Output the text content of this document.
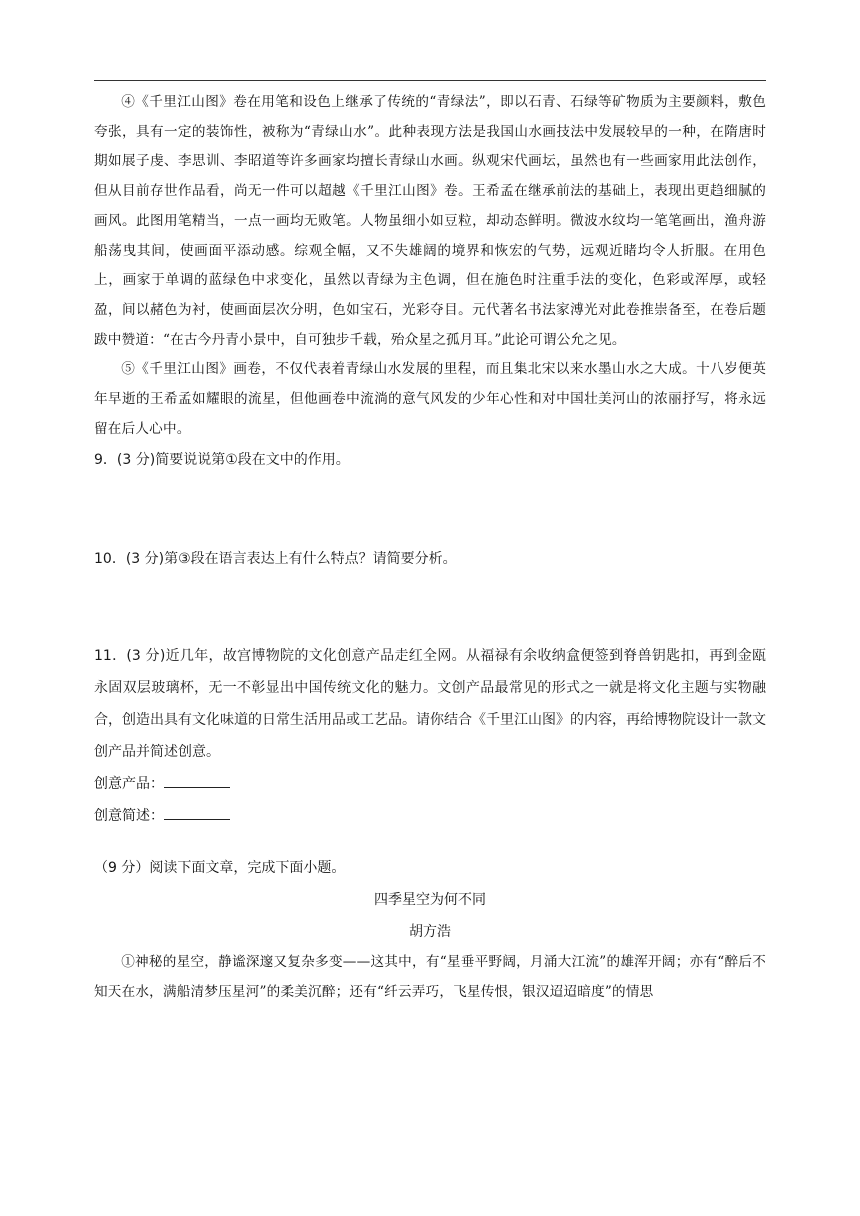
④《千里江山图》卷在用笔和设色上继承了传统的“青绿法”，即以石青、石绿等矿物质为主要颜料，敷色夸张，具有一定的装饰性，被称为“青绿山水”。此种表现方法是我国山水画技法中发展较早的一种，在隋唐时期如展子虔、李思训、李昭道等许多画家均擅长青绿山水画。纵观宋代画坛，虽然也有一些画家用此法创作，但从目前存世作品看，尚无一件可以超越《千里江山图》卷。王希孟在继承前法的基础上，表现出更趋细腻的画风。此图用笔精当，一点一画均无败笔。人物虽细小如豆粒，却动态鲜明。微波水纹均一笔笔画出，渔舟游船荡曳其间，使画面平添动感。综观全幅，又不失雄阔的境界和恢宏的气势，远观近睹均令人折服。在用色上，画家于单调的蓝绿色中求变化，虽然以青绿为主色调，但在施色时注重手法的变化，色彩或浑厚，或轻盈，间以赭色为衬，使画面层次分明，色如宝石，光彩夺目。元代著名书法家溥光对此卷推崇备至，在卷后题跋中赞道：“在古今丹青小景中，自可独步千载，殆众星之孤月耳。”此论可谓公允之见。

⑤《千里江山图》画卷，不仅代表着青绿山水发展的里程，而且集北宋以来水墨山水之大成。十八岁便英年早逝的王希孟如耀眼的流星，但他画卷中流淌的意气风发的少年心性和对中国壮美河山的浓丽抒写，将永远留在后人心中。

9．(3 分)简要说说第①段在文中的作用。

10．(3 分)第③段在语言表达上有什么特点？请简要分析。

11．(3 分)近几年，故宫博物院的文化创意产品走红全网。从福禄有余收纳盒便签到脊兽钥匙扣，再到金瓯永固双层玻璃杯，无一不彰显出中国传统文化的魅力。文创产品最常见的形式之一就是将文化主题与实物融合，创造出具有文化味道的日常生活用品或工艺品。请你结合《千里江山图》的内容，再给博物院设计一款文创产品并简述创意。

创意产品：

创意简述：

（9 分）阅读下面文章，完成下面小题。

四季星空为何不同

胡方浩

①神秘的星空，静谧深邃又复杂多变——这其中，有“星垂平野阔，月涌大江流”的雄浑开阔；亦有“醉后不知天在水，满船清梦压星河”的柔美沉醉；还有“纤云弄巧，飞星传恨，银汉迢迢暗度”的情思
